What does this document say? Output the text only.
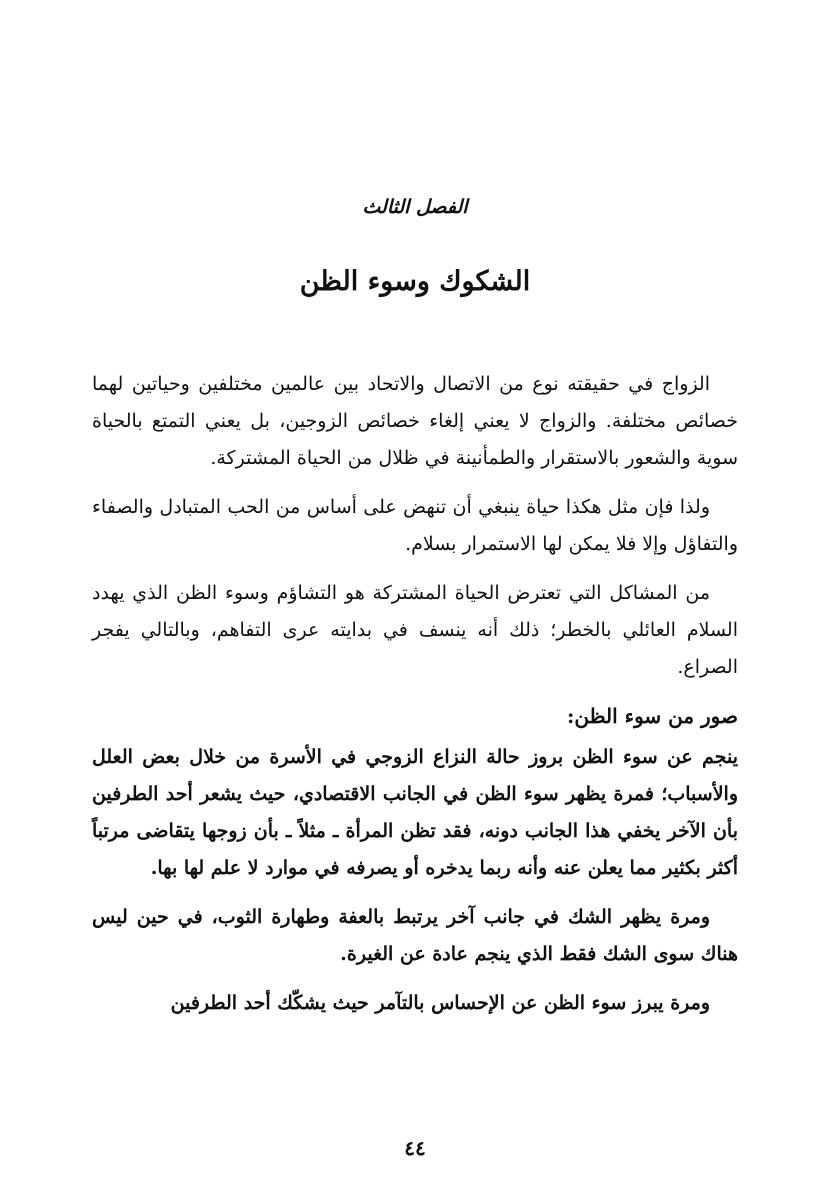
الفصل الثالث
الشكوك وسوء الظن

الزواج في حقيقته نوع من الاتصال والاتحاد بين عالمين مختلفين وحياتين لهما خصائص مختلفة. والزواج لا يعني إلغاء خصائص الزوجين، بل يعني التمتع بالحياة سوية والشعور بالاستقرار والطمأنينة في ظلال من الحياة المشتركة.

ولذا فإن مثل هكذا حياة ينبغي أن تنهض على أساس من الحب المتبادل والصفاء والتفاؤل وإلا فلا يمكن لها الاستمرار بسلام.

من المشاكل التي تعترض الحياة المشتركة هو التشاؤم وسوء الظن الذي يهدد السلام العائلي بالخطر؛ ذلك أنه ينسف في بدايته عرى التفاهم، وبالتالي يفجر الصراع.

صور من سوء الظن:

ينجم عن سوء الظن بروز حالة النزاع الزوجي في الأسرة من خلال بعض العلل والأسباب؛ فمرة يظهر سوء الظن في الجانب الاقتصادي، حيث يشعر أحد الطرفين بأن الآخر يخفي هذا الجانب دونه، فقد تظن المرأة ـ مثلاً ـ بأن زوجها يتقاضى مرتباً أكثر بكثير مما يعلن عنه وأنه ربما يدخره أو يصرفه في موارد لا علم لها بها.

ومرة يظهر الشك في جانب آخر يرتبط بالعفة وطهارة الثوب، في حين ليس هناك سوى الشك فقط الذي ينجم عادة عن الغيرة.

ومرة يبرز سوء الظن عن الإحساس بالتآمر حيث يشكّك أحد الطرفين

٤٤
